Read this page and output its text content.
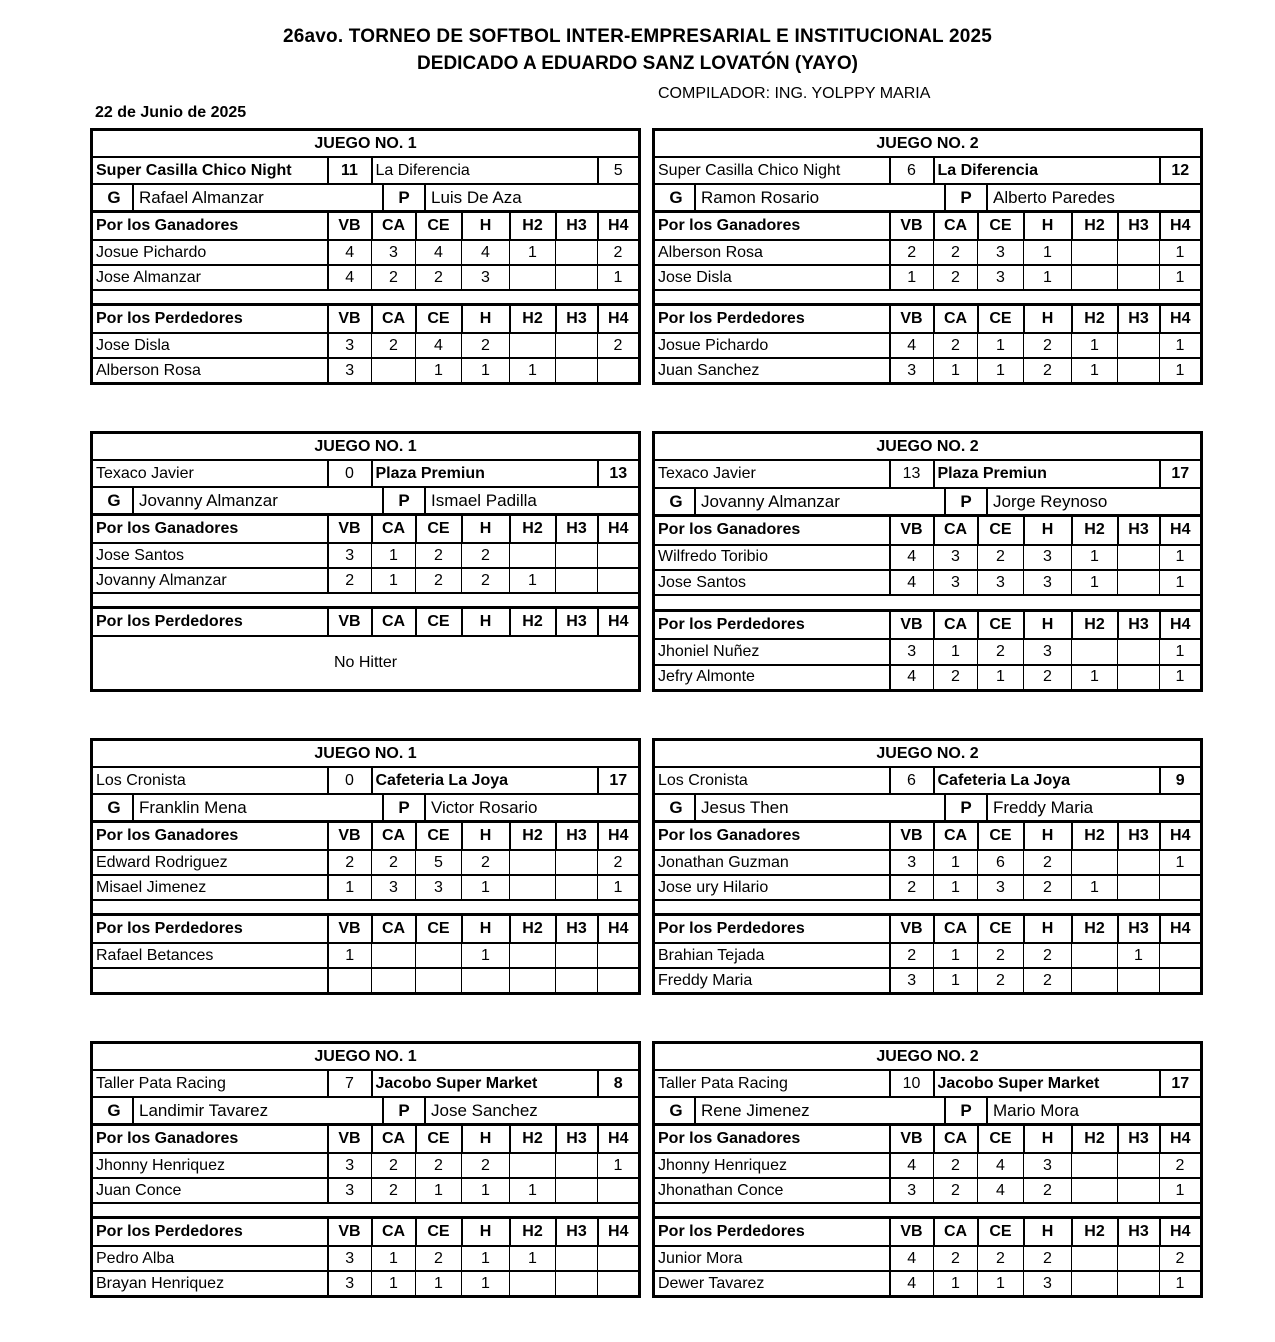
26avo. TORNEO DE SOFTBOL INTER-EMPRESARIAL E INSTITUCIONAL 2025
DEDICADO A EDUARDO SANZ LOVATÓN (YAYO)
COMPILADOR: ING. YOLPPY MARIA
22 de Junio de 2025
JUEGO NO. 1							
Super Casilla Chico Night	11	La Diferencia					5

G Rafael Almanzar P Luis De Aza							

Por los Ganadores	VB	CA	CE	H	H2	H3	H4
Josue Pichardo	4	3	4	4	1		2
Jose Almanzar	4	2	2	3			1

Por los Perdedores	VB	CA	CE	H	H2	H3	H4
Jose Disla	3	2	4	2			2
Alberson Rosa	3		1	1	1		
JUEGO NO. 2							
Super Casilla Chico Night	6	La Diferencia					12

G Ramon Rosario P Alberto Paredes							

Por los Ganadores	VB	CA	CE	H	H2	H3	H4
Alberson Rosa	2	2	3	1			1
Jose Disla	1	2	3	1			1

Por los Perdedores	VB	CA	CE	H	H2	H3	H4
Josue Pichardo	4	2	1	2	1		1
Juan Sanchez	3	1	1	2	1		1
JUEGO NO. 1							
Texaco Javier	0	Plaza Premiun					13

G Jovanny Almanzar P Ismael Padilla							

Por los Ganadores	VB	CA	CE	H	H2	H3	H4
Jose Santos	3	1	2	2			
Jovanny Almanzar	2	1	2	2	1		

Por los Perdedores	VB	CA	CE	H	H2	H3	H4
No Hitter							
JUEGO NO. 2							
Texaco Javier	13	Plaza Premiun					17

G Jovanny Almanzar P Jorge Reynoso							

Por los Ganadores	VB	CA	CE	H	H2	H3	H4
Wilfredo Toribio	4	3	2	3	1		1
Jose Santos	4	3	3	3	1		1

Por los Perdedores	VB	CA	CE	H	H2	H3	H4
Jhoniel Nuñez	3	1	2	3			1
Jefry Almonte	4	2	1	2	1		1
JUEGO NO. 1							
Los Cronista	0	Cafeteria La Joya					17

G Franklin Mena P Victor Rosario							

Por los Ganadores	VB	CA	CE	H	H2	H3	H4
Edward Rodriguez	2	2	5	2			2
Misael Jimenez	1	3	3	1			1

Por los Perdedores	VB	CA	CE	H	H2	H3	H4
Rafael Betances	1			1			

JUEGO NO. 2							
Los Cronista	6	Cafeteria La Joya					9

G Jesus Then P Freddy Maria							

Por los Ganadores	VB	CA	CE	H	H2	H3	H4
Jonathan Guzman	3	1	6	2			1
Jose ury Hilario	2	1	3	2	1		

Por los Perdedores	VB	CA	CE	H	H2	H3	H4
Brahian Tejada	2	1	2	2		1	
Freddy Maria	3	1	2	2			
JUEGO NO. 1							
Taller Pata Racing	7	Jacobo Super Market					8

G Landimir Tavarez P Jose Sanchez							

Por los Ganadores	VB	CA	CE	H	H2	H3	H4
Jhonny Henriquez	3	2	2	2			1
Juan Conce	3	2	1	1	1		

Por los Perdedores	VB	CA	CE	H	H2	H3	H4
Pedro Alba	3	1	2	1	1		
Brayan Henriquez	3	1	1	1			
JUEGO NO. 2							
Taller Pata Racing	10	Jacobo Super Market					17

G Rene Jimenez P Mario Mora							

Por los Ganadores	VB	CA	CE	H	H2	H3	H4
Jhonny Henriquez	4	2	4	3			2
Jhonathan Conce	3	2	4	2			1

Por los Perdedores	VB	CA	CE	H	H2	H3	H4
Junior Mora	4	2	2	2			2
Dewer Tavarez	4	1	1	3			1
